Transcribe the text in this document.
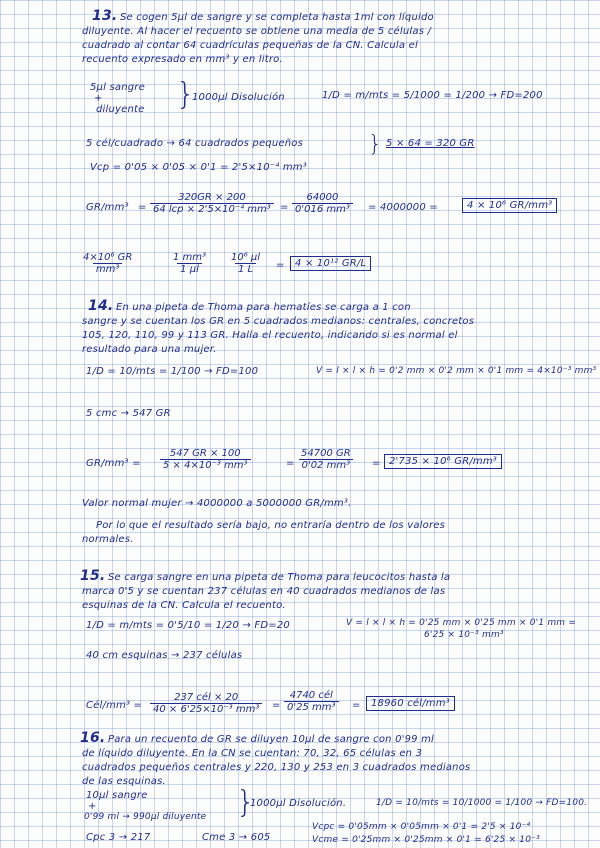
13. Se cogen 5µl de sangre y se completa hasta 1ml con líquido
diluyente. Al hacer el recuento se obtiene una media de 5 células /
cuadrado al contar 64 cuadrículas pequeñas de la CN. Calcula el
recuento expresado en mm³ y en litro.
5µl sangre
+
diluyente }
1000µl Disolución	1/D = m/mts = 5/1000 = 1/200 → FD=200
5 cél/cuadrado → 64 cuadrados pequeños	} 5 × 64 = 320 GR
Vcp = 0'05 × 0'05 × 0'1 = 2'5×10⁻⁴ mm³
GR/mm³ =
320GR × 200
64 lcp × 2'5×10⁻⁴ $mm^3 = \frac{64000}{\text{0'016 mm³}} = 4000000$ =	4 × 10⁶ GR/mm³
$\frac{\text{4×10⁶ GR}}{\text{mm³}}$	1 mm³
1 µl
10⁶ µl
1 L	=	4 × 10¹² GR/L
14. En una pipeta de Thoma para hematíes se carga a 1 con
sangre y se cuentan los GR en 5 cuadrados medianos: centrales, concretos
105, 120, 110, 99 y 113 GR. Halla el recuento, indicando si es normal el
resultado para una mujer.
1/D = 10/mts = 1/100 → FD=100	V = l × l × h = 0'2 mm × 0'2 mm × 0'1 mm = 4×10⁻³ mm³
5 cmc → 547 GR
$GR/mm^3 = \frac{547 GR \times 100}{\text{5 × 4×10⁻³ mm³}}$	= $\frac{54700 GR}{\text{0'02 mm³}} = 2'735 \times 10^6$ GR/mm³
Valor normal mujer → 4000000 a 5000000 GR/mm³.
Por lo que el resultado sería bajo, no entraría dentro de los valores
normales.
15. Se carga sangre en una pipeta de Thoma para leucocitos hasta la
marca 0'5 y se cuentan 237 células en 40 cuadrados medianos de las
esquinas de la CN. Calcula el recuento.
1/D = m/mts = 0'5/10 = 1/20 → FD=20	V = l × l × h = 0'25 mm × 0'25 mm × 0'1 mm =
6'25 × 10⁻³ mm³
40 cm esquinas → 237 células
Cél/mm³ =
237 cél × 20
40 × 6'25×10⁻³ mm³	=
4740 cél
0'25 mm³	=	18960 cél/mm³
16. Para un recuento de GR se diluyen 10µl de sangre con 0'99 ml
de líquido diluyente. En la CN se cuentan: 70, 32, 65 células en 3
cuadrados pequeños centrales y 220, 130 y 253 en 3 cuadrados medianos
de las esquinas.
10µl sangre
+
0'99 ml → 990µl diluyente }
1000µl Disolución.	1/D = 10/mts = 10/1000 = 1/100 → FD=100.
Cpc 3 → 217	Cme 3 → 605
Vcpc = 0'05mm × 0'05mm × 0'1 = 2'5 × 10⁻⁴
Vcme = 0'25mm × 0'25mm × 0'1 = 6'25 × 10⁻³
